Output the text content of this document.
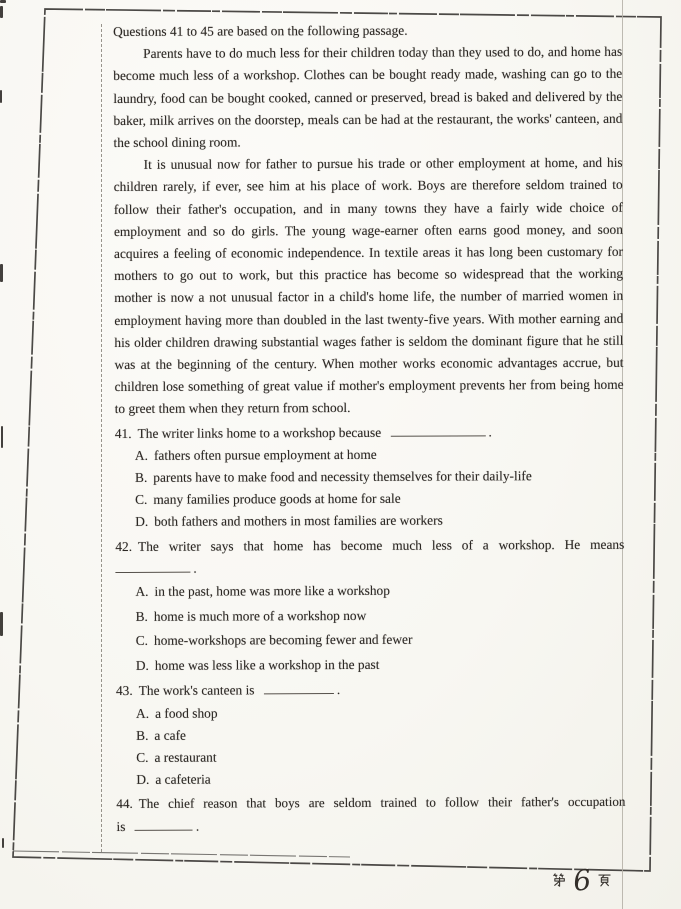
Questions 41 to 45 are based on the following passage.

Parents have to do much less for their children today than they used to do, and home has become much less of a workshop. Clothes can be bought ready made, washing can go to the laundry, food can be bought cooked, canned or preserved, bread is baked and delivered by the baker, milk arrives on the doorstep, meals can be had at the restaurant, the works' canteen, and the school dining room.

It is unusual now for father to pursue his trade or other employment at home, and his children rarely, if ever, see him at his place of work. Boys are therefore seldom trained to follow their father's occupation, and in many towns they have a fairly wide choice of employment and so do girls. The young wage-earner often earns good money, and soon acquires a feeling of economic independence. In textile areas it has long been customary for mothers to go out to work, but this practice has become so widespread that the working mother is now a not unusual factor in a child's home life, the number of married women in employment having more than doubled in the last twenty-five years. With mother earning and his older children drawing substantial wages father is seldom the dominant figure that he still was at the beginning of the century. When mother works economic advantages accrue, but children lose something of great value if mother's employment prevents her from being home to greet them when they return from school.

41. The writer links home to a workshop because	.

A. fathers often pursue employment at home

B. parents have to make food and necessity themselves for their daily-life

C. many families produce goods at home for sale

D. both fathers and mothers in most families are workers

42. The writer says that home has become much less of a workshop. He means

.

A. in the past, home was more like a workshop

B. home is much more of a workshop now

C. home-workshops are becoming fewer and fewer

D. home was less like a workshop in the past

43. The work's canteen is	.

A. a food shop

B. a cafe

C. a restaurant

D. a cafeteria

44. The chief reason that boys are seldom trained to follow their father's occupation

is	.

6
